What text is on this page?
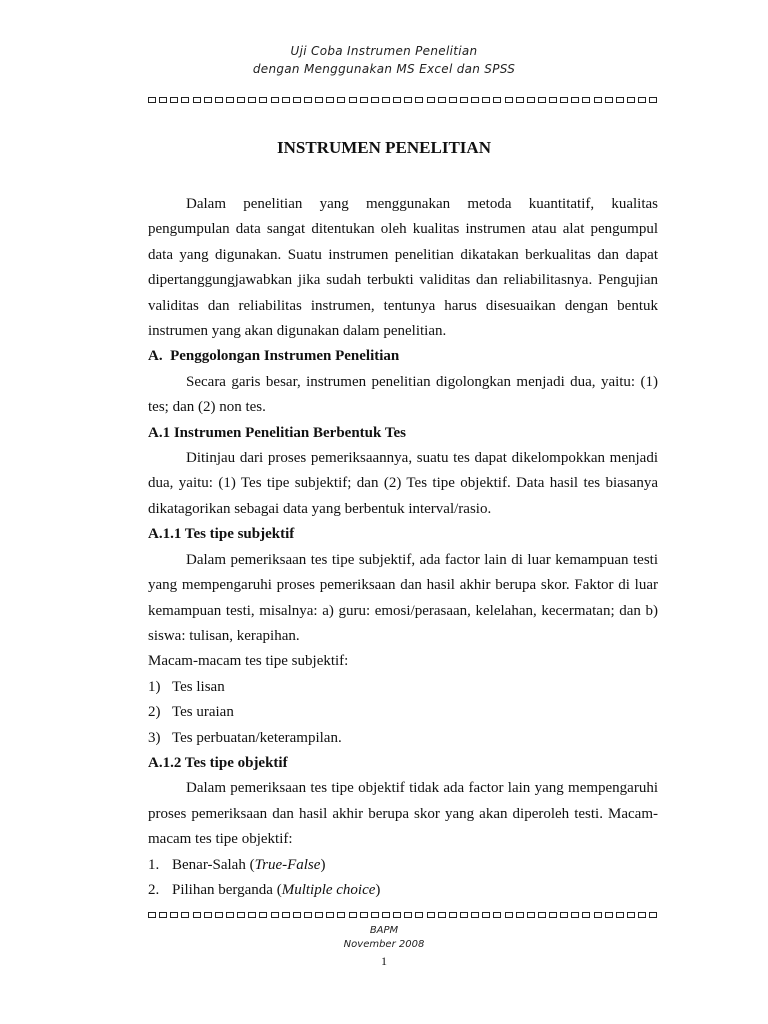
Uji Coba Instrumen Penelitian
dengan Menggunakan MS Excel dan SPSS
INSTRUMEN PENELITIAN

Dalam penelitian yang menggunakan metoda kuantitatif, kualitas pengumpulan data sangat ditentukan oleh kualitas instrumen atau alat pengumpul data yang digunakan. Suatu instrumen penelitian dikatakan berkualitas dan dapat dipertanggungjawabkan jika sudah terbukti validitas dan reliabilitasnya. Pengujian validitas dan reliabilitas instrumen, tentunya harus disesuaikan dengan bentuk instrumen yang akan digunakan dalam penelitian.

A.  Penggolongan Instrumen Penelitian

Secara garis besar, instrumen penelitian digolongkan menjadi dua, yaitu: (1) tes; dan (2) non tes.

A.1 Instrumen Penelitian Berbentuk Tes

Ditinjau dari proses pemeriksaannya, suatu tes dapat dikelompokkan menjadi dua, yaitu: (1) Tes tipe subjektif; dan (2) Tes tipe objektif. Data hasil tes biasanya dikatagorikan sebagai data yang berbentuk interval/rasio.

A.1.1 Tes tipe subjektif

Dalam pemeriksaan tes tipe subjektif, ada factor lain di luar kemampuan testi yang mempengaruhi proses pemeriksaan dan hasil akhir berupa skor. Faktor di luar kemampuan testi, misalnya: a) guru: emosi/perasaan, kelelahan, kecermatan; dan b) siswa: tulisan, kerapihan.

Macam-macam tes tipe subjektif:

1) Tes lisan

2) Tes uraian

3) Tes perbuatan/keterampilan.

A.1.2 Tes tipe objektif

Dalam pemeriksaan tes tipe objektif tidak ada factor lain yang mempengaruhi proses pemeriksaan dan hasil akhir berupa skor yang akan diperoleh testi. Macam-macam tes tipe objektif:

1. Benar-Salah (True-False)

2. Pilihan berganda (Multiple choice)

BAPM
November 2008
1
